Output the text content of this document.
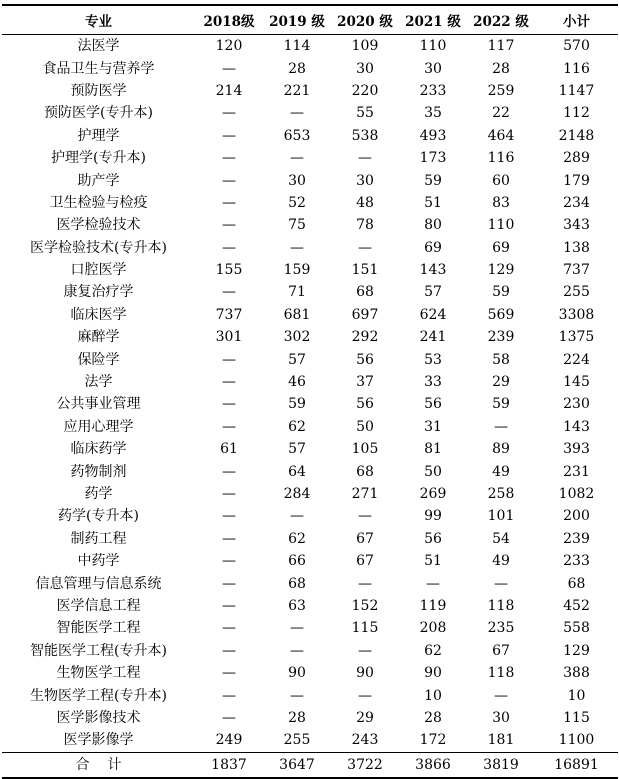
专业	2018级	2019 级	2020 级	2021 级	2022 级	小计
法医学	120	114	109	110	117	570
食品卫生与营养学	—	28	30	30	28	116
预防医学	214	221	220	233	259	1147
预防医学(专升本)	—	—	55	35	22	112
护理学	—	653	538	493	464	2148
护理学(专升本)	—	—	—	173	116	289
助产学	—	30	30	59	60	179
卫生检验与检疫	—	52	48	51	83	234
医学检验技术	—	75	78	80	110	343
医学检验技术(专升本)	—	—	—	69	69	138
口腔医学	155	159	151	143	129	737
康复治疗学	—	71	68	57	59	255
临床医学	737	681	697	624	569	3308
麻醉学	301	302	292	241	239	1375
保险学	—	57	56	53	58	224
法学	—	46	37	33	29	145
公共事业管理	—	59	56	56	59	230
应用心理学	—	62	50	31	—	143
临床药学	61	57	105	81	89	393
药物制剂	—	64	68	50	49	231
药学	—	284	271	269	258	1082
药学(专升本)	—	—	—	99	101	200
制药工程	—	62	67	56	54	239
中药学	—	66	67	51	49	233
信息管理与信息系统	—	68	—	—	—	68
医学信息工程	—	63	152	119	118	452
智能医学工程	—	—	115	208	235	558
智能医学工程(专升本)	—	—	—	62	67	129
生物医学工程	—	90	90	90	118	388
生物医学工程(专升本)	—	—	—	10	—	10
医学影像技术	—	28	29	28	30	115
医学影像学	249	255	243	172	181	1100
合计	1837	3647	3722	3866	3819	16891
